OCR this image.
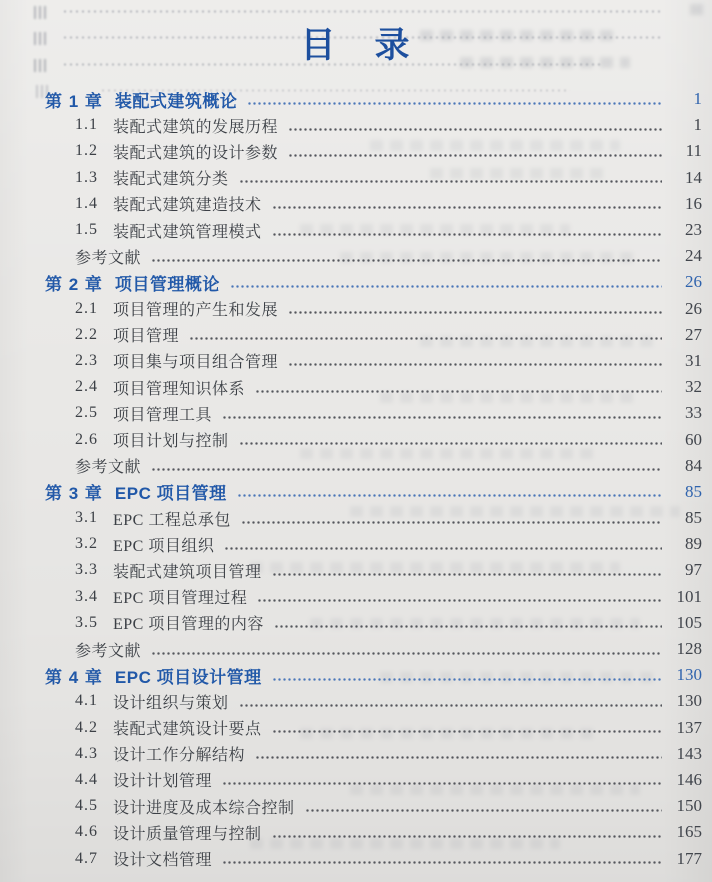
目　录
第 1 章 装配式建筑概论	1
1.1 装配式建筑的发展历程	1
1.2 装配式建筑的设计参数	11
1.3 装配式建筑分类	14
1.4 装配式建筑建造技术	16
1.5 装配式建筑管理模式	23
参考文献	24
第 2 章 项目管理概论	26
2.1 项目管理的产生和发展	26
2.2 项目管理	27
2.3 项目集与项目组合管理	31
2.4 项目管理知识体系	32
2.5 项目管理工具	33
2.6 项目计划与控制	60
参考文献	84
第 3 章 EPC 项目管理	85
3.1 EPC 工程总承包	85
3.2 EPC 项目组织	89
3.3 装配式建筑项目管理	97
3.4 EPC 项目管理过程	101
3.5 EPC 项目管理的内容	105
参考文献	128
第 4 章 EPC 项目设计管理	130
4.1 设计组织与策划	130
4.2 装配式建筑设计要点	137
4.3 设计工作分解结构	143
4.4 设计计划管理	146
4.5 设计进度及成本综合控制	150
4.6 设计质量管理与控制	165
4.7 设计文档管理	177
